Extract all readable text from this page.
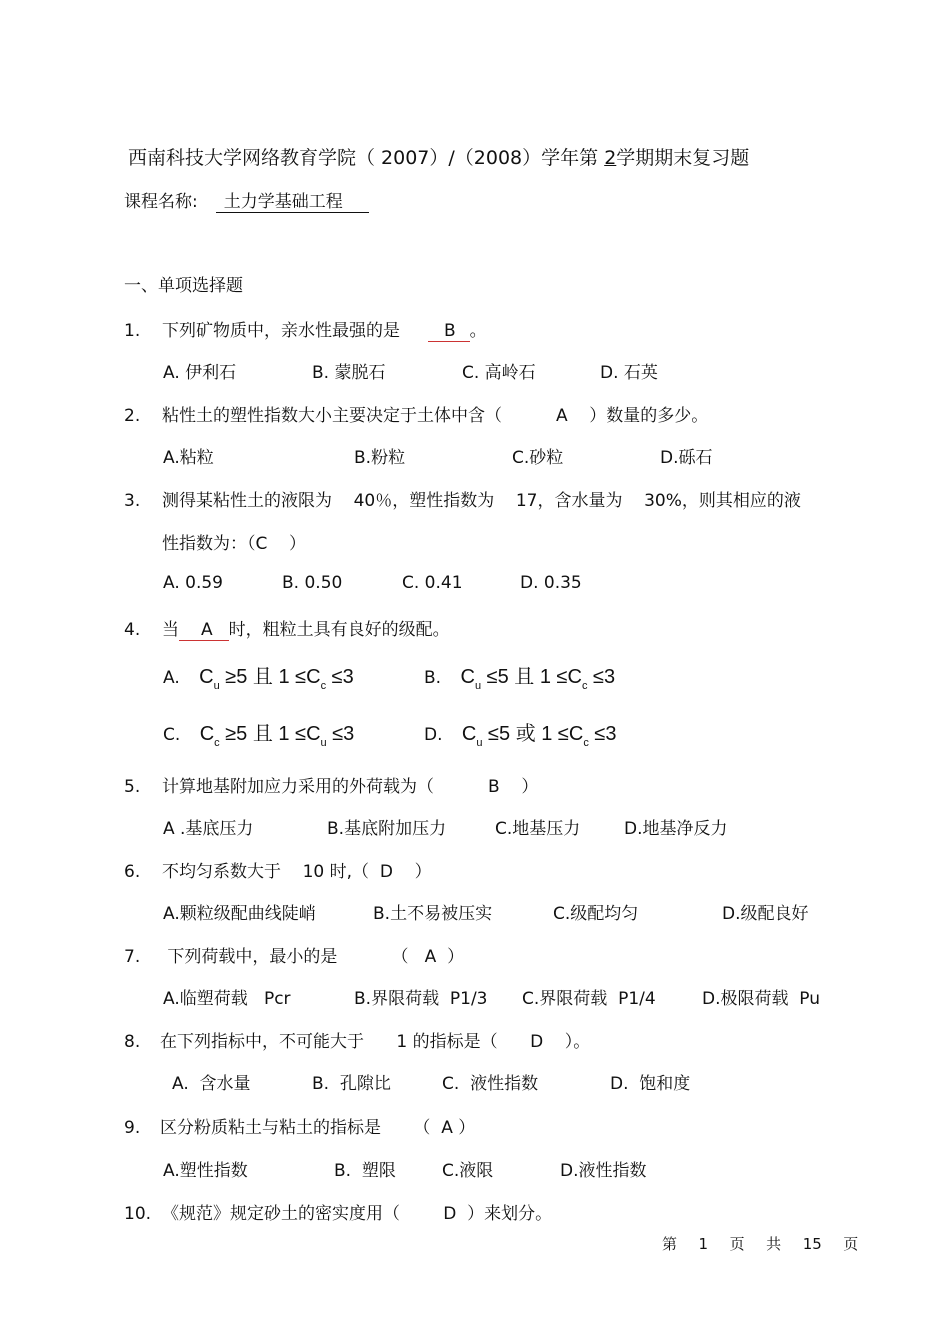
西南科技大学网络教育学院（ 2007）/（2008）学年第 2学期期末复习题
课程名称: 土力学基础工程
一、单项选择题
1. 下列矿物质中，亲水性最强的是	B 。
A. 伊利石	B. 蒙脱石	C. 高岭石	D. 石英
2. 粘性土的塑性指数大小主要决定于土体中含（          A    ）数量的多少。
A.粘粒	B.粉粒	C.砂粒	D.砾石
3. 测得某粘性土的液限为    40％，塑性指数为    17，含水量为    30%，则其相应的液
性指数为：（C    ）
A. 0.59	B. 0.50	C. 0.41	D. 0.35
4. 当 A 时，粗粒土具有良好的级配。
A. $C_u \ge 5$ 且 $1 \le C_c \le 3$	B. $C_u \le 5$ 且 $1 \le C_c \le 3$
C. $C_c \ge 5$ 且 $1 \le C_u \le 3$	D. $C_u \le 5$ 或 $1 \le C_c \le 3$
5. 计算地基附加应力采用的外荷载为（          B    ）
A .基底压力	B.基底附加压力	C.地基压力	D.地基净反力
6. 不均匀系数大于    10 时,（  D    ）
A.颗粒级配曲线陡峭	B.土不易被压实	C.级配均匀	D.级配良好
7. 下列荷载中，最小的是          （   A  ）
A.临塑荷载   Pcr	B.界限荷载  P1/3 C.界限荷载  P1/4	D.极限荷载  Pu
8. 在下列指标中，不可能大于      1 的指标是（      D    ）。
A.  含水量	B.  孔隙比	C.  液性指数	D.  饱和度
9. 区分粉质粘土与粘土的指标是      （  A ）
A.塑性指数	B.  塑限	C.液限	D.液性指数
10. 《规范》规定砂土的密实度用（        D  ）来划分。
第  1  页  共  15  页
